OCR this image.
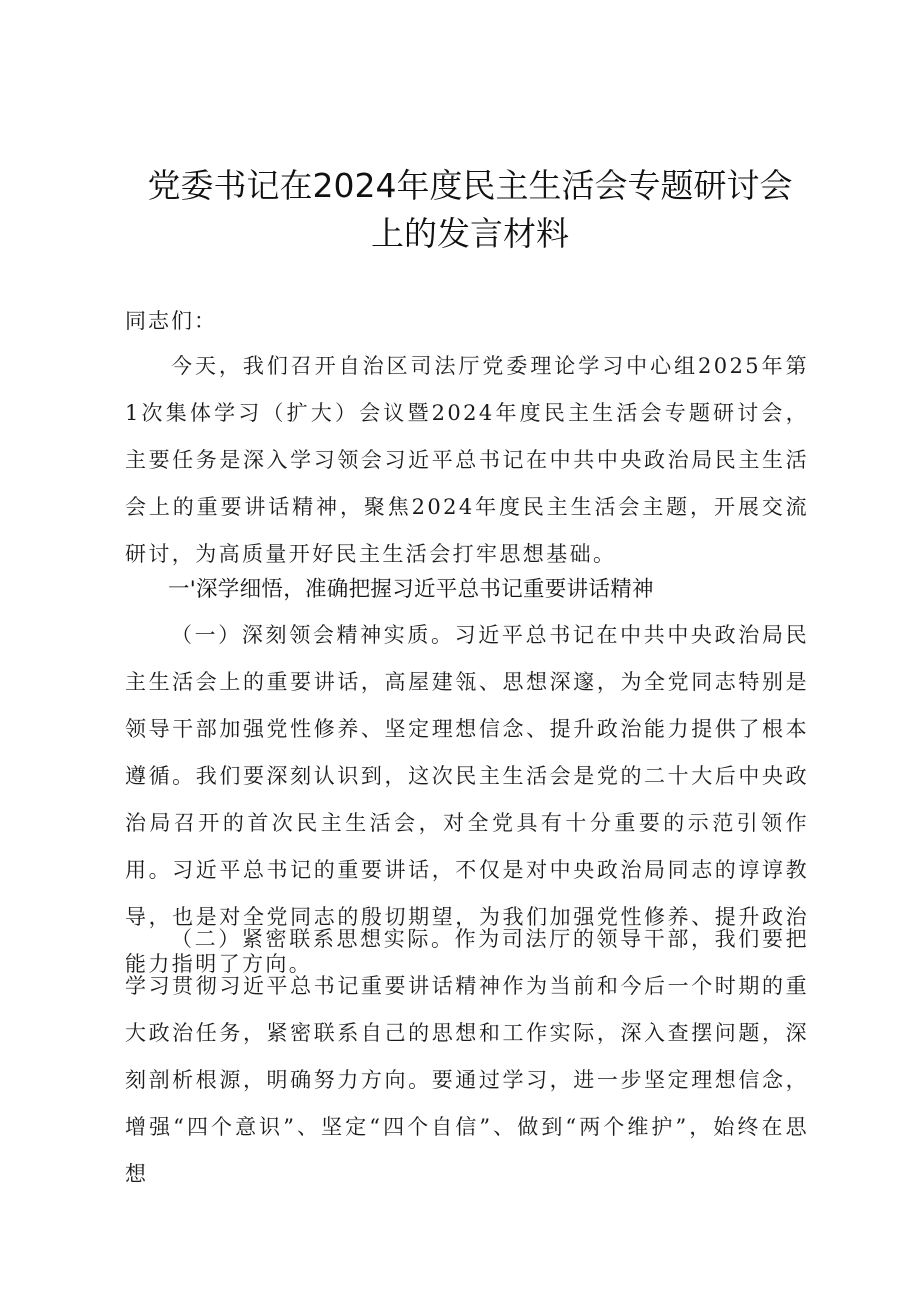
党委书记在2024年度民主生活会专题研讨会
上的发言材料
同志们：

今天，我们召开自治区司法厅党委理论学习中心组2025年第1次集体学习（扩大）会议暨2024年度民主生活会专题研讨会，主要任务是深入学习领会习近平总书记在中共中央政治局民主生活会上的重要讲话精神，聚焦2024年度民主生活会主题，开展交流研讨，为高质量开好民主生活会打牢思想基础。

一'深学细悟，准确把握习近平总书记重要讲话精神

（一）深刻领会精神实质。习近平总书记在中共中央政治局民主生活会上的重要讲话，高屋建瓴、思想深邃，为全党同志特别是领导干部加强党性修养、坚定理想信念、提升政治能力提供了根本遵循。我们要深刻认识到，这次民主生活会是党的二十大后中央政治局召开的首次民主生活会，对全党具有十分重要的示范引领作用。习近平总书记的重要讲话，不仅是对中央政治局同志的谆谆教导，也是对全党同志的殷切期望，为我们加强党性修养、提升政治能力指明了方向。

（二）紧密联系思想实际。作为司法厅的领导干部，我们要把学习贯彻习近平总书记重要讲话精神作为当前和今后一个时期的重大政治任务，紧密联系自己的思想和工作实际，深入查摆问题，深刻剖析根源，明确努力方向。要通过学习，进一步坚定理想信念，增强“四个意识”、坚定“四个自信”、做到“两个维护”，始终在思想
